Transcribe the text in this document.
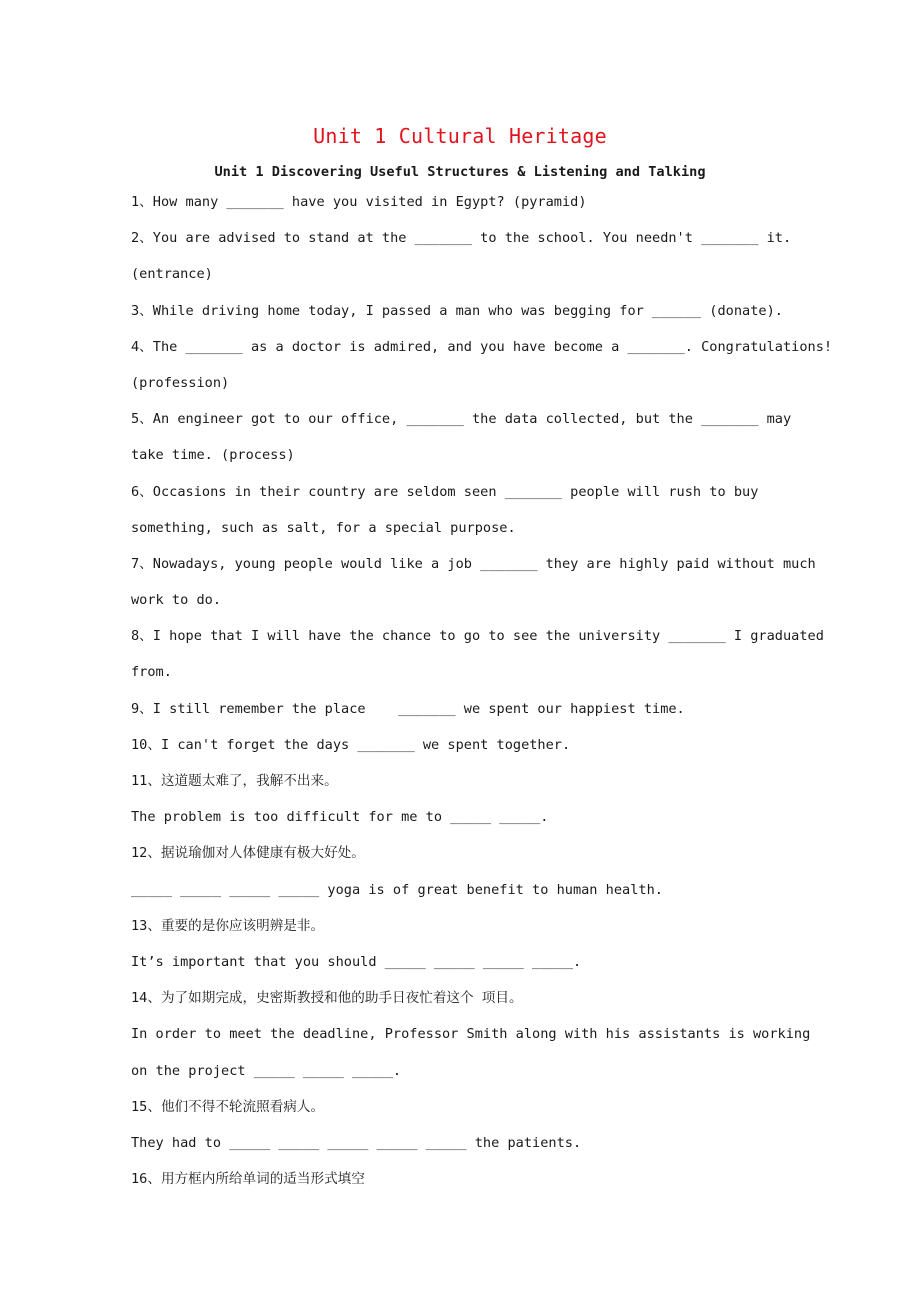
Unit 1 Cultural Heritage
Unit 1 Discovering Useful Structures & Listening and Talking
1、How many _______ have you visited in Egypt? (pyramid)
2、You are advised to stand at the _______ to the school. You needn't _______ it.
(entrance)
3、While driving home today, I passed a man who was begging for ______ (donate).
4、The _______ as a doctor is admired, and you have become a _______. Congratulations!
(profession)
5、An engineer got to our office, _______ the data collected, but the _______ may
take time. (process)
6、Occasions in their country are seldom seen _______ people will rush to buy
something, such as salt, for a special purpose.
7、Nowadays, young people would like a job _______ they are highly paid without much
work to do.
8、I hope that I will have the chance to go to see the university _______ I graduated
from.
9、I still remember the place    _______ we spent our happiest time.
10、I can't forget the days _______ we spent together.
11、这道题太难了，我解不出来。
The problem is too difficult for me to _____ _____.
12、据说瑜伽对人体健康有极大好处。
_____ _____ _____ _____ yoga is of great benefit to human health.
13、重要的是你应该明辨是非。
It’s important that you should _____ _____ _____ _____.
14、为了如期完成，史密斯教授和他的助手日夜忙着这个 项目。
In order to meet the deadline, Professor Smith along with his assistants is working
on the project _____ _____ _____.
15、他们不得不轮流照看病人。
They had to _____ _____ _____ _____ _____ the patients.
16、用方框内所给单词的适当形式填空
